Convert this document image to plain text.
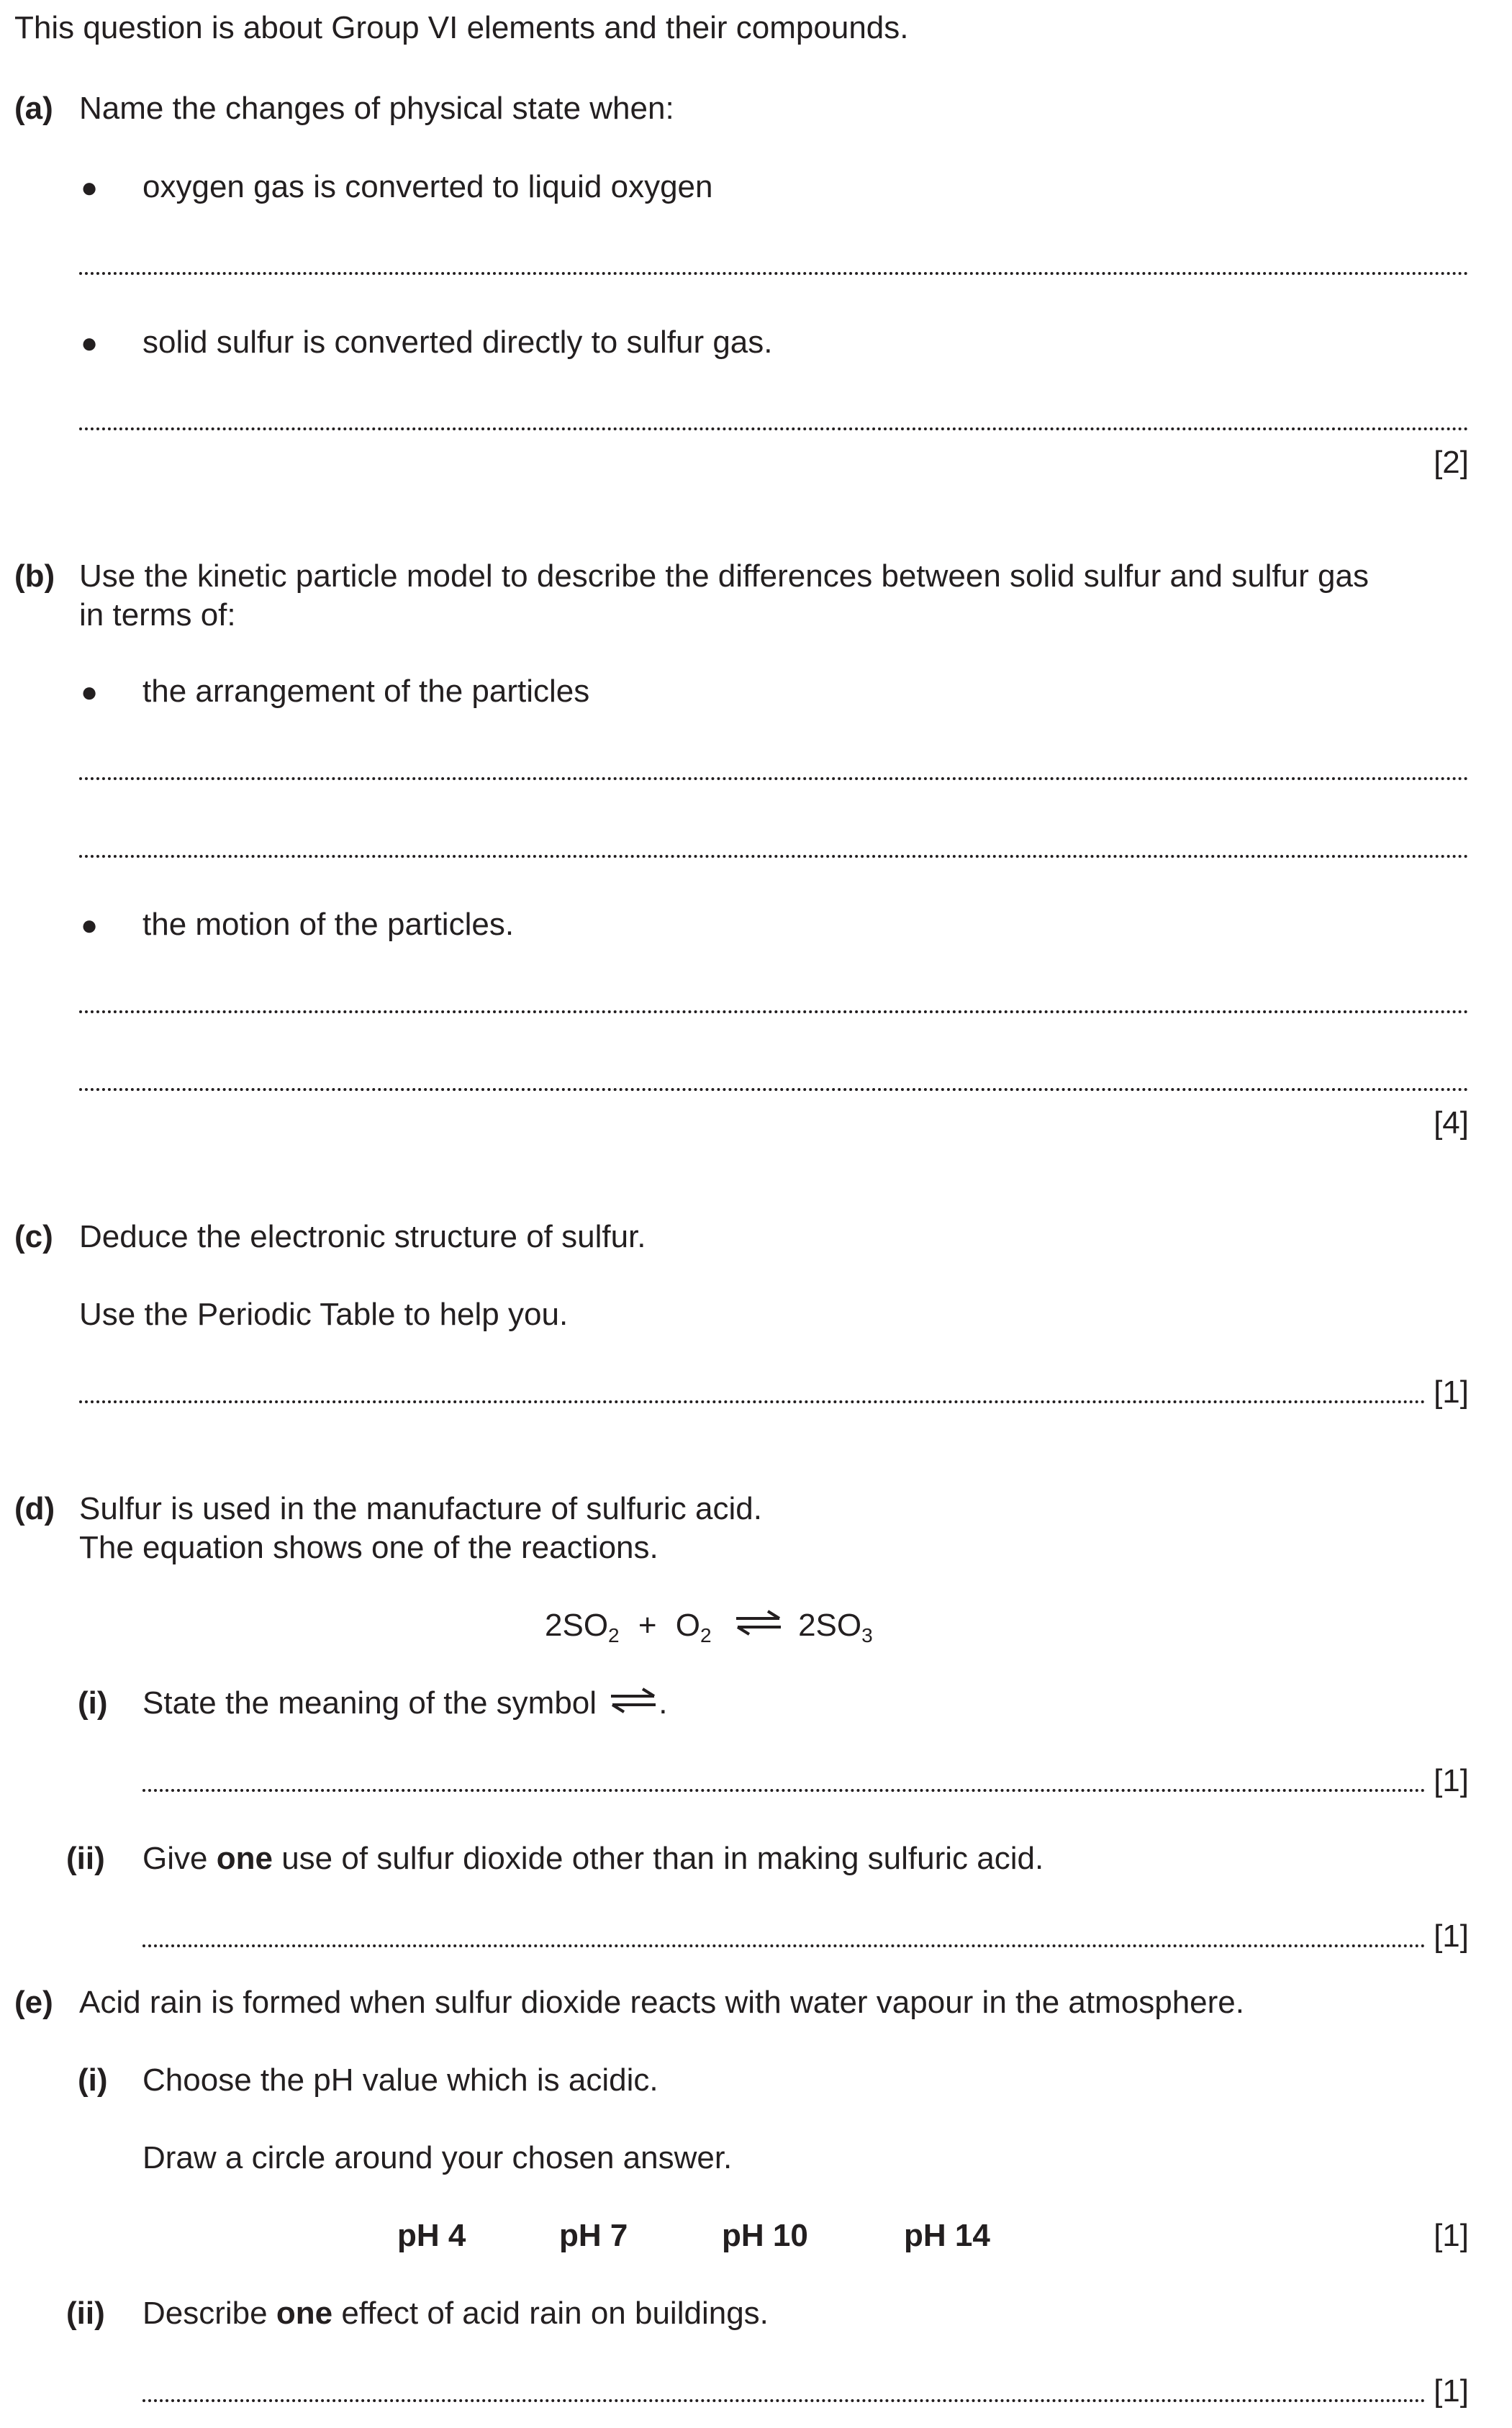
This question is about Group VI elements and their compounds.
(a) Name the changes of physical state when:
● oxygen gas is converted to liquid oxygen
● solid sulfur is converted directly to sulfur gas.
[2]
(b) Use the kinetic particle model to describe the differences between solid sulfur and sulfur gas
in terms of:
● the arrangement of the particles
● the motion of the particles.
[4]
(c) Deduce the electronic structure of sulfur.
Use the Periodic Table to help you.
[1]
(d) Sulfur is used in the manufacture of sulfuric acid.
The equation shows one of the reactions.
$2SO_2 + O_2$ ⇌ $2SO_3$
(i) State the meaning of the symbol .
[1]
(ii) Give one use of sulfur dioxide other than in making sulfuric acid.
[1]
(e) Acid rain is formed when sulfur dioxide reacts with water vapour in the atmosphere.
(i) Choose the pH value which is acidic.
Draw a circle around your chosen answer.
pH 4	pH 7	pH 10	pH 14	[1]
(ii) Describe one effect of acid rain on buildings.
[1]
